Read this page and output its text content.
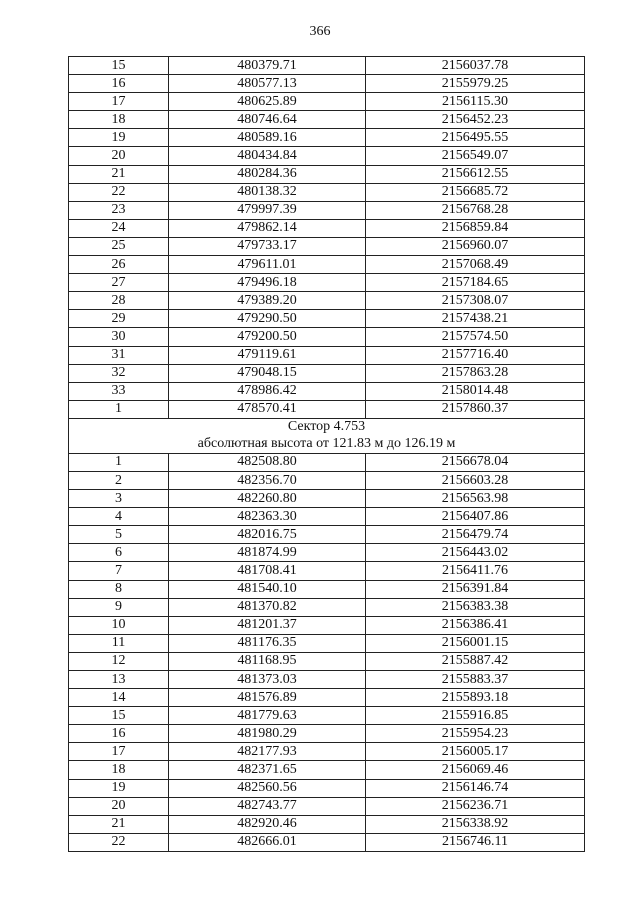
366
15	480379.71	2156037.78
16	480577.13	2155979.25
17	480625.89	2156115.30
18	480746.64	2156452.23
19	480589.16	2156495.55
20	480434.84	2156549.07
21	480284.36	2156612.55
22	480138.32	2156685.72
23	479997.39	2156768.28
24	479862.14	2156859.84
25	479733.17	2156960.07
26	479611.01	2157068.49
27	479496.18	2157184.65
28	479389.20	2157308.07
29	479290.50	2157438.21
30	479200.50	2157574.50
31	479119.61	2157716.40
32	479048.15	2157863.28
33	478986.42	2158014.48
1	478570.41	2157860.37

Сектор 4.753
абсолютная высота от 121.83 м до 126.19 м		

1	482508.80	2156678.04
2	482356.70	2156603.28
3	482260.80	2156563.98
4	482363.30	2156407.86
5	482016.75	2156479.74
6	481874.99	2156443.02
7	481708.41	2156411.76
8	481540.10	2156391.84
9	481370.82	2156383.38
10	481201.37	2156386.41
11	481176.35	2156001.15
12	481168.95	2155887.42
13	481373.03	2155883.37
14	481576.89	2155893.18
15	481779.63	2155916.85
16	481980.29	2155954.23
17	482177.93	2156005.17
18	482371.65	2156069.46
19	482560.56	2156146.74
20	482743.77	2156236.71
21	482920.46	2156338.92
22	482666.01	2156746.11
